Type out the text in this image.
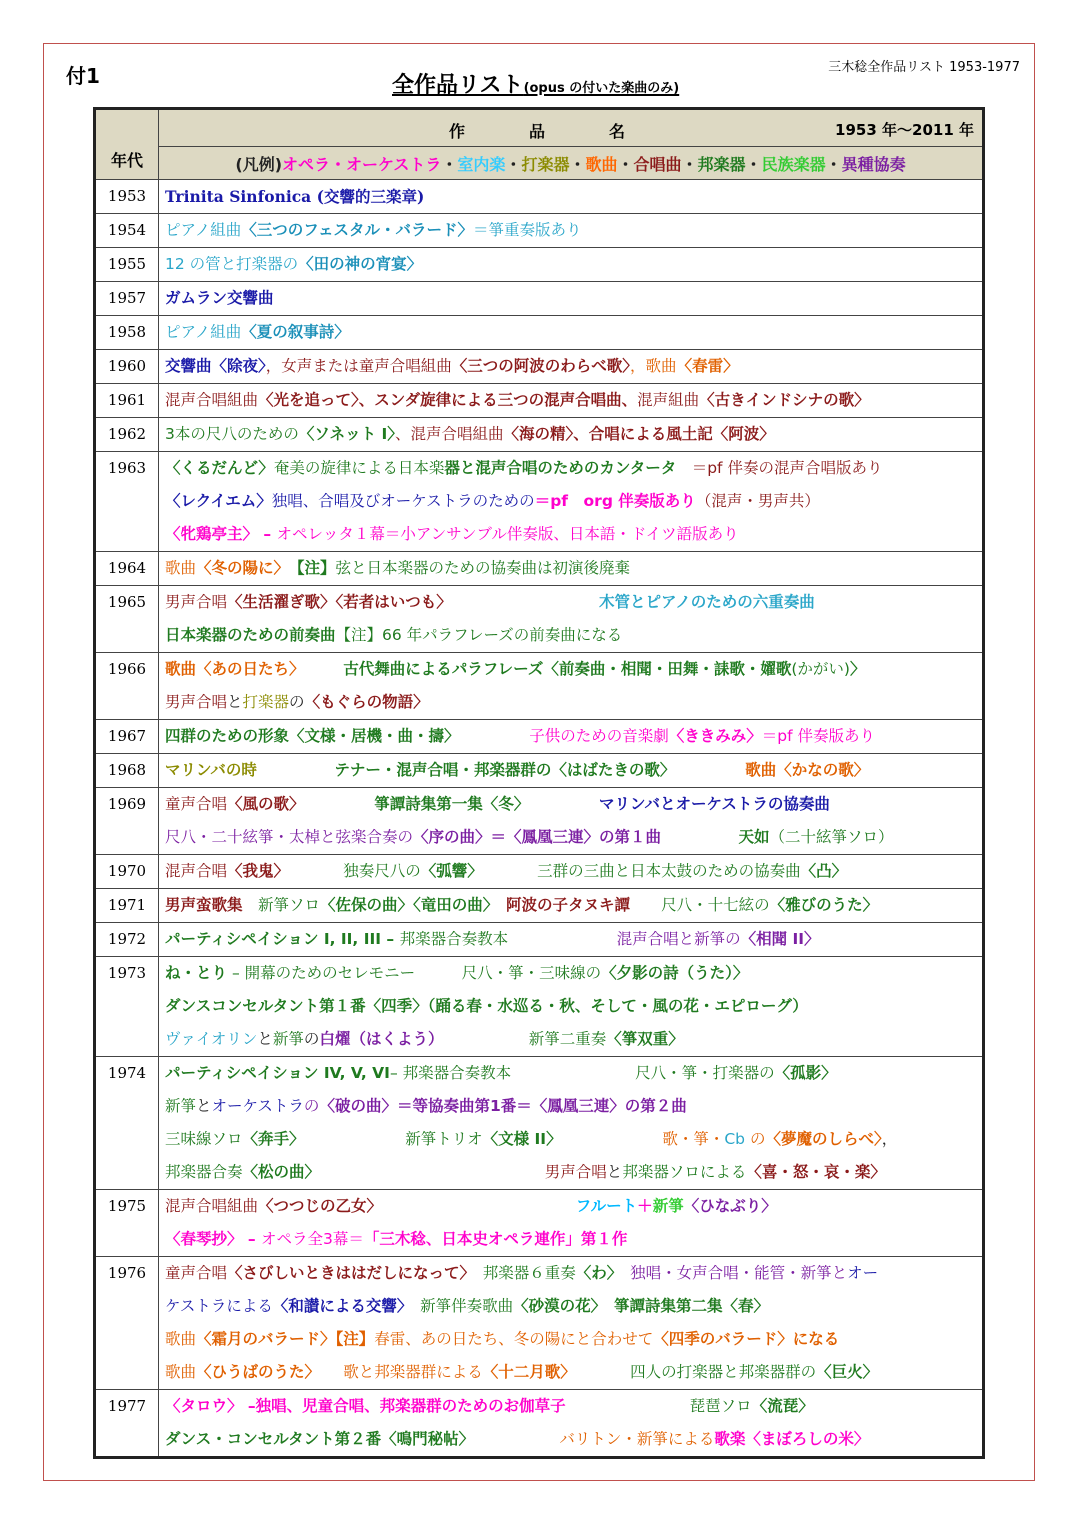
付1	三木稔全作品リスト 1953-1977
全作品リスト(opus の付いた楽曲のみ)
年代	作　品　名 1953 年〜2011 年

	(凡例)オペラ・オーケストラ・室内楽・打楽器・歌曲・合唱曲・邦楽器・民族楽器・異種協奏
1953	Trinita Sinfonica (交響的三楽章)

1954	ピアノ組曲〈三つのフェスタル・バラード〉＝箏重奏版あり

1955	12 の管と打楽器の〈田の神の宵宴〉

1957	ガムラン交響曲

1958	ピアノ組曲〈夏の叙事詩〉

1960	交響曲〈除夜〉，女声または童声合唱組曲〈三つの阿波のわらべ歌〉，歌曲〈春雷〉

1961	混声合唱組曲〈光を追って〉、スンダ旋律による三つの混声合唱曲、混声組曲〈古きインドシナの歌〉

1962	3本の尺八のための〈ソネット I〉、混声合唱組曲〈海の精〉、合唱による風土記〈阿波〉

1963	〈くるだんど〉奄美の旋律による日本楽器と混声合唱のためのカンタータ　＝pf 伴奏の混声合唱版あり
〈レクイエム〉独唱、合唱及びオーケストラのための＝pf　org 伴奏版あり（混声・男声共）
〈牝鶏亭主〉 – オペレッタ１幕＝小アンサンブル伴奏版、日本語・ドイツ語版あり

1964	歌曲〈冬の陽に〉　【注】弦と日本楽器のための協奏曲は初演後廃棄

1965	男声合唱〈生活濯ぎ歌〉〈若者はいつも〉　　　　　　　　　　木管とピアノのための六重奏曲
日本楽器のための前奏曲【注】66 年パラフレーズの前奏曲になる

1966	歌曲〈あの日たち〉　　　古代舞曲によるパラフレーズ〈前奏曲・相聞・田舞・誄歌・嬥歌(かがい)〉
男声合唱と打楽器の〈もぐらの物語〉

1967	四群のための形象〈文様・居機・曲・擣〉　　　　　子供のための音楽劇〈ききみみ〉＝pf 伴奏版あり

1968	マリンバの時　　　　　テナー・混声合唱・邦楽器群の〈はばたきの歌〉　　　　　歌曲〈かなの歌〉

1969	童声合唱〈風の歌〉　　　　　箏譚詩集第一集〈冬〉　　　　　マリンバとオーケストラの協奏曲
尺八・二十絃箏・太棹と弦楽合奏の〈序の曲〉＝〈鳳凰三連〉の第１曲　　　　　天如（二十絃箏ソロ）

1970	混声合唱〈我鬼〉　　　　独奏尺八の〈弧響〉　　　　三群の三曲と日本太鼓のための協奏曲〈凸〉

1971	男声蛮歌集　新箏ソロ〈佐保の曲〉〈竜田の曲〉　阿波の子タヌキ譚　　尺八・十七絃の〈雅びのうた〉

1972	パーティシペイション I, II, III – 邦楽器合奏教本　　　　　　　混声合唱と新箏の〈相聞 II〉

1973	ね・とり – 開幕のためのセレモニー　　　尺八・箏・三味線の〈夕影の詩（うた）〉
ダンスコンセルタント第１番〈四季〉（踊る春・水巡る・秋、そして・風の花・エピローグ）
ヴァイオリンと新箏の白燿（はくよう）　　　　　　新箏二重奏〈箏双重〉

1974	パーティシペイション IV, V, VI– 邦楽器合奏教本　　　　　　　　尺八・箏・打楽器の〈孤影〉
新箏とオーケストラの〈破の曲〉＝等協奏曲第1番＝〈鳳凰三連〉の第２曲
三味線ソロ〈奔手〉　　　　　　　新箏トリオ〈文様 II〉　　　　　　　歌・箏・Cb の〈夢魔のしらべ〉，
邦楽器合奏〈松の曲〉　　　　　　　　　　　　　　　男声合唱と邦楽器ソロによる〈喜・怒・哀・楽〉

1975	混声合唱組曲〈つつじの乙女〉　　　　　　　　　　　　　フルート＋新箏〈ひなぶり〉
〈春琴抄〉 – オペラ全3幕＝「三木稔、日本史オペラ連作」第１作

1976	童声合唱〈さびしいときははだしになって〉　邦楽器６重奏〈わ〉　独唱・女声合唱・能管・新箏とオー
ケストラによる〈和讃による交響〉　新箏伴奏歌曲〈砂漠の花〉　箏譚詩集第二集〈春〉
歌曲〈霜月のバラード〉【注】春雷、あの日たち、冬の陽にと合わせて〈四季のバラード〉になる
歌曲〈ひうばのうた〉　　歌と邦楽器群による〈十二月歌〉　　　　四人の打楽器と邦楽器群の〈巨火〉

1977	〈タロウ〉 –独唱、児童合唱、邦楽器群のためのお伽草子　　　　　　　　琵琶ソロ〈流琵〉
ダンス・コンセルタント第２番〈鳴門秘帖〉　　　　　　バリトン・新箏による歌楽〈まぼろしの米〉
